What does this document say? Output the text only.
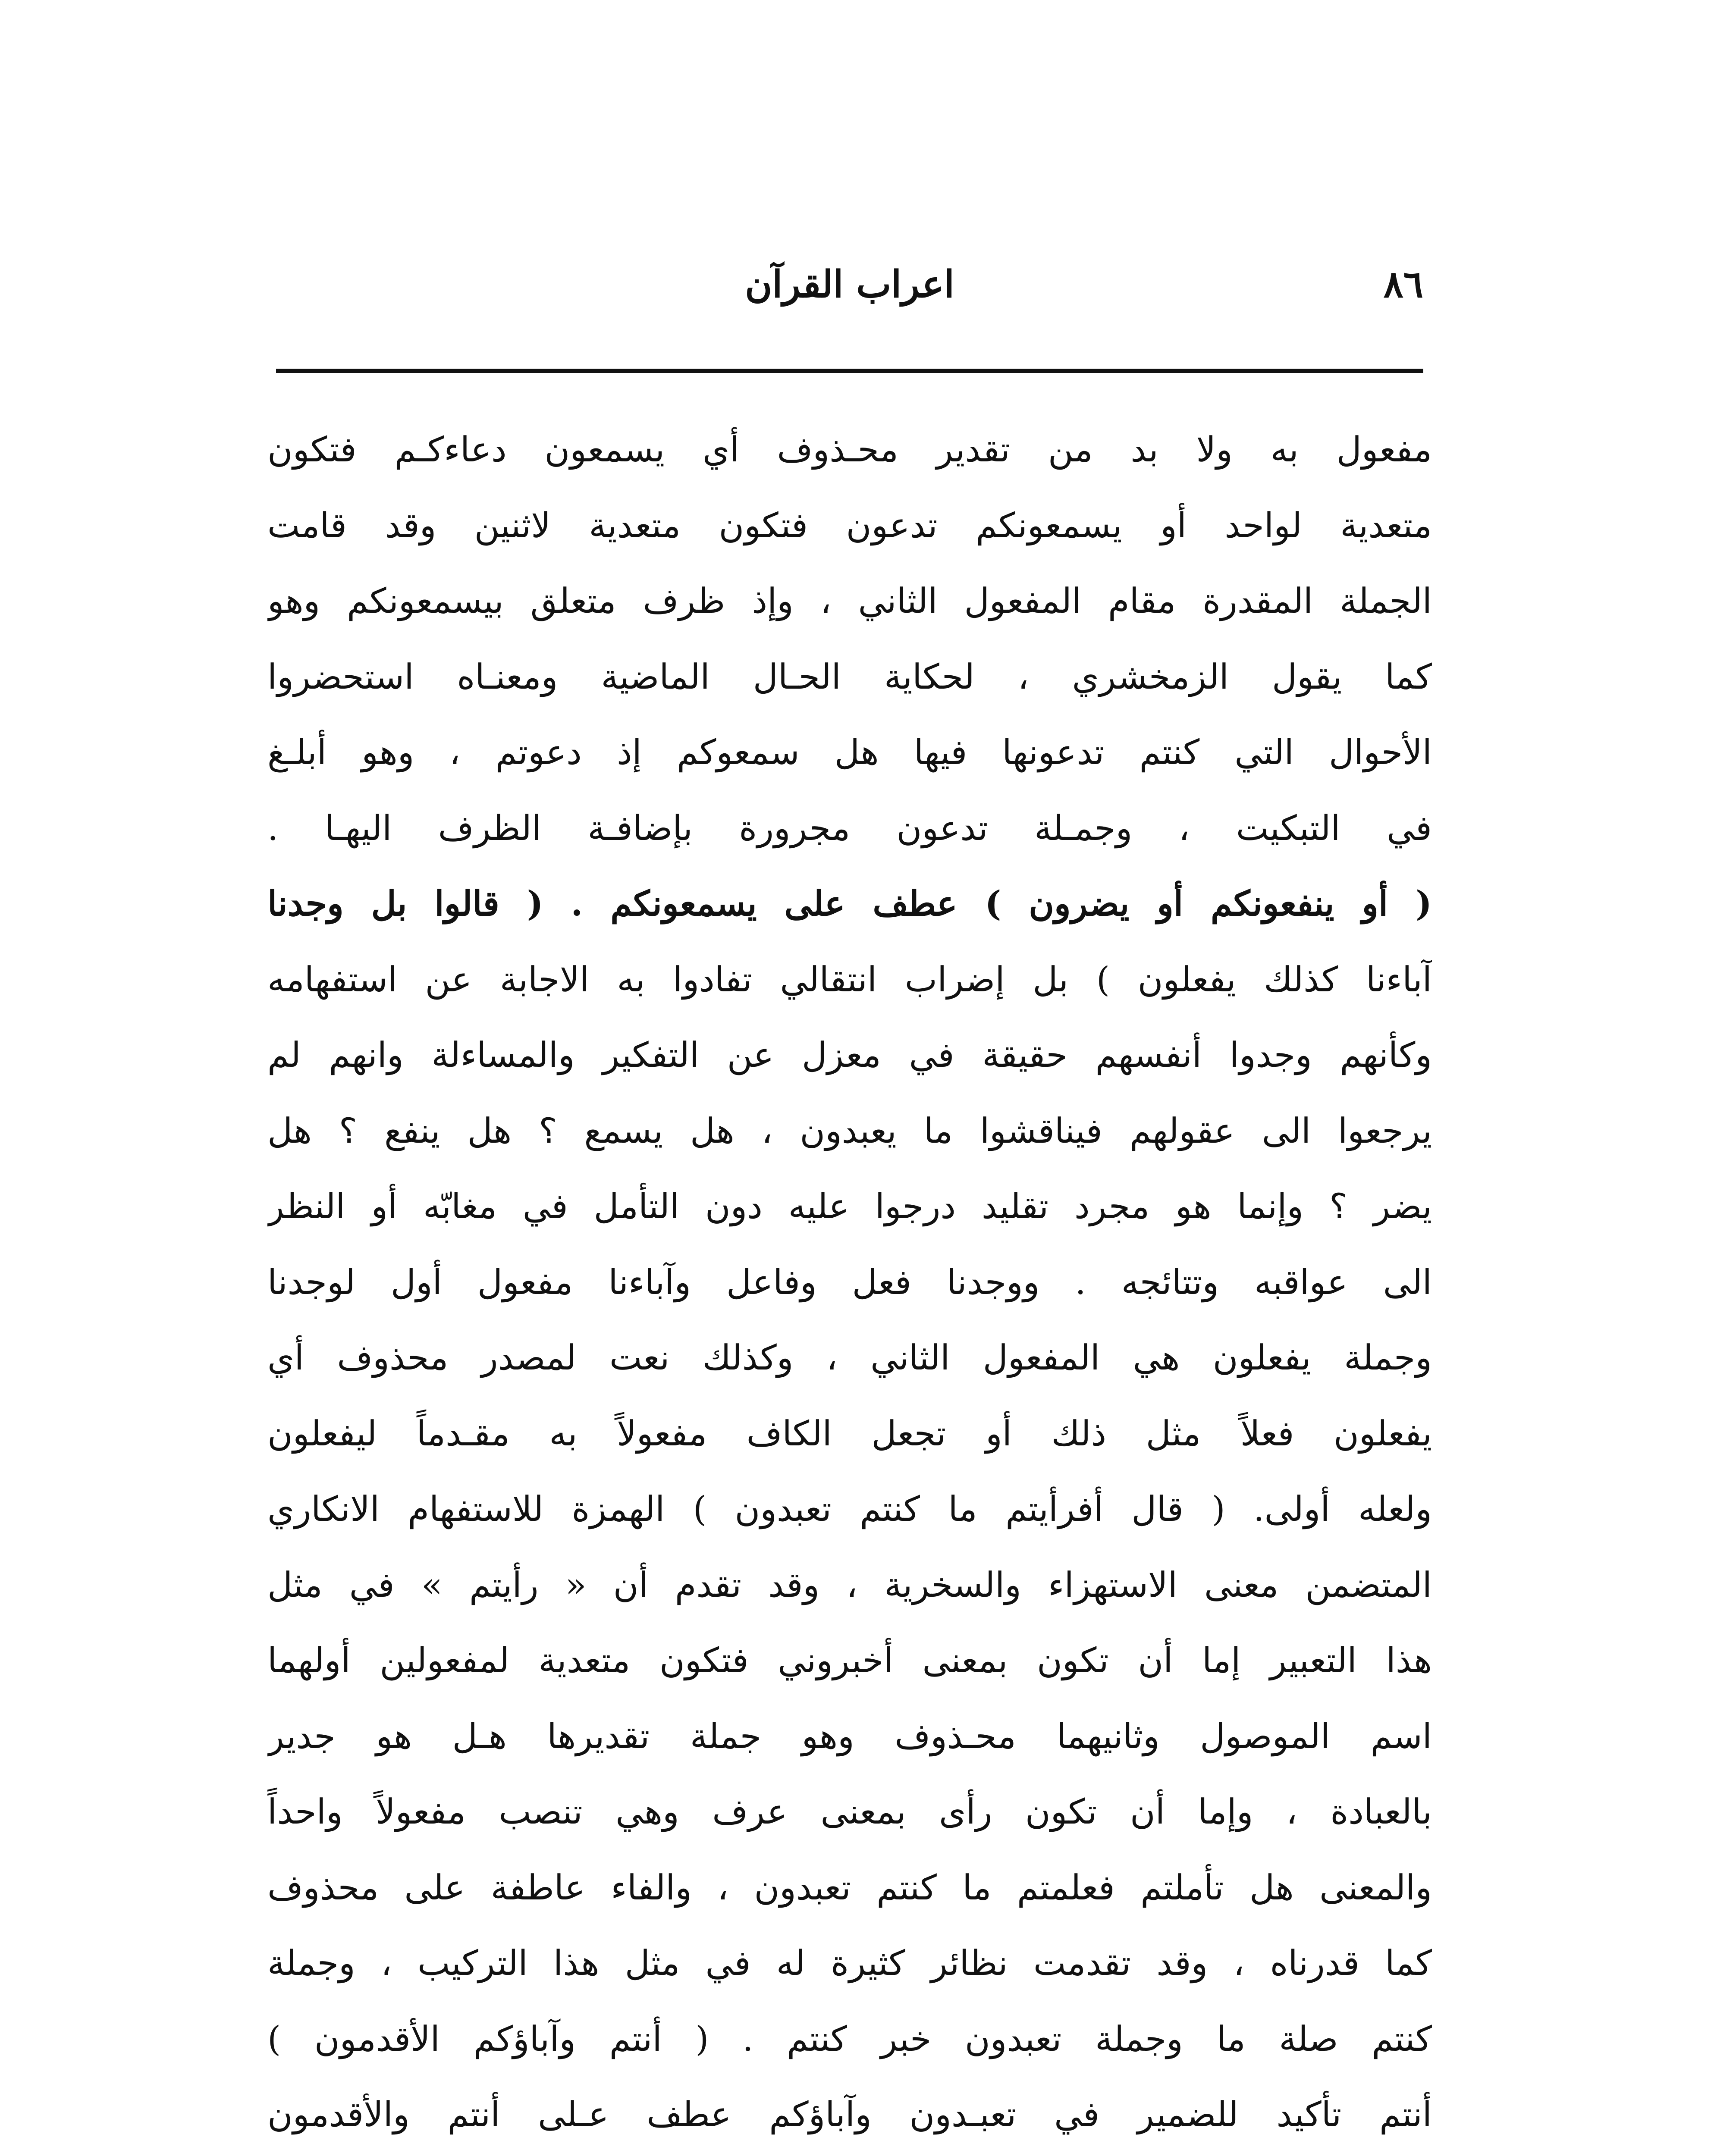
٨٦
اعراب القرآن
مفعول به ولا بد من تقدير محـذوف أي يسمعون دعاءكـم فتكون
متعدية لواحد أو يسمعونكم تدعون فتكون متعدية لاثنين وقد قامت
الجملة المقدرة مقام المفعول الثاني ، وإذ ظرف متعلق بيسمعونكم وهو
كما يقول الزمخشري ، لحكاية الحـال الماضية ومعنـاه استحضروا
الأحوال التي كنتم تدعونها فيها هل سمعوكم إذ دعوتم ، وهو أبلـغ
في التبكيت ، وجمـلة تدعون مجرورة بإضافـة الظرف اليهـا .
( أو ينفعونكم أو يضرون ) عطف على يسمعونكم . ( قالوا بل وجدنا
آباءنا كذلك يفعلون ) بل إضراب انتقالي تفادوا به الاجابة عن استفهامه
وكأنهم وجدوا أنفسهم حقيقة في معزل عن التفكير والمساءلة وانهم لم
يرجعوا الى عقولهم فيناقشوا ما يعبدون ، هل يسمع ؟ هل ينفع ؟ هل
يضر ؟ وإنما هو مجرد تقليد درجوا عليه دون التأمل في مغابّه أو النظر
الى عواقبه وتتائجه . ووجدنا فعل وفاعل وآباءنا مفعول أول لوجدنا
وجملة يفعلون هي المفعول الثاني ، وكذلك نعت لمصدر محذوف أي
يفعلون فعلاً مثل ذلك أو تجعل الكاف مفعولاً به مقـدماً ليفعلون
ولعله أولى. ( قال أفرأيتم ما كنتم تعبدون ) الهمزة للاستفهام الانكاري
المتضمن معنى الاستهزاء والسخرية ، وقد تقدم أن « رأيتم » في مثل
هذا التعبير إما أن تكون بمعنى أخبروني فتكون متعدية لمفعولين أولهما
اسم الموصول وثانيهما محـذوف وهو جملة تقديرها هـل هو جدير
بالعبادة ، وإما أن تكون رأى بمعنى عرف وهي تنصب مفعولاً واحداً
والمعنى هل تأملتم فعلمتم ما كنتم تعبدون ، والفاء عاطفة على محذوف
كما قدرناه ، وقد تقدمت نظائر كثيرة له في مثل هذا التركيب ، وجملة
كنتم صلة ما وجملة تعبدون خبر كنتم . ( أنتم وآباؤكم الأقدمون )
أنتم تأكيد للضمير في تعبـدون وآباؤكم عطف عـلى أنتم والأقدمون
